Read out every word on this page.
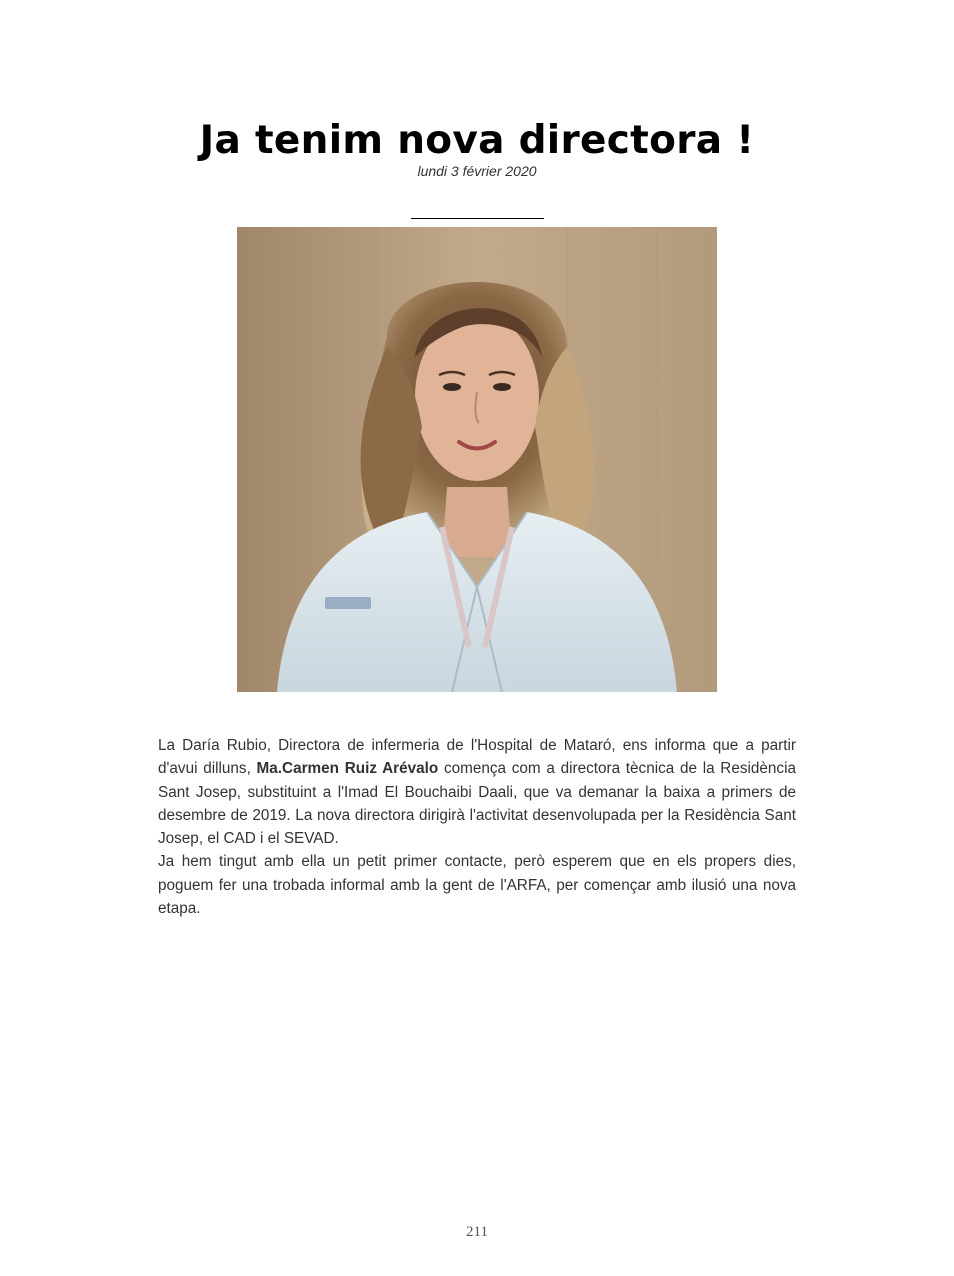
Ja tenim nova directora !
lundi 3 février 2020

La Daría Rubio, Directora de infermeria de l'Hospital de Mataró, ens informa que a partir d'avui dilluns, Ma.Carmen Ruiz Arévalo comença com a directora tècnica de la Residència Sant Josep, substituint a l'Imad El Bouchaibi Daali, que va demanar la baixa a primers de desembre de 2019. La nova directora dirigirà l'activitat desenvolupada per la Residència Sant Josep, el CAD i el SEVAD.

Ja hem tingut amb ella un petit primer contacte, però esperem que en els propers dies, poguem fer una trobada informal amb la gent de l'ARFA, per començar amb ilusió una nova etapa.

211
